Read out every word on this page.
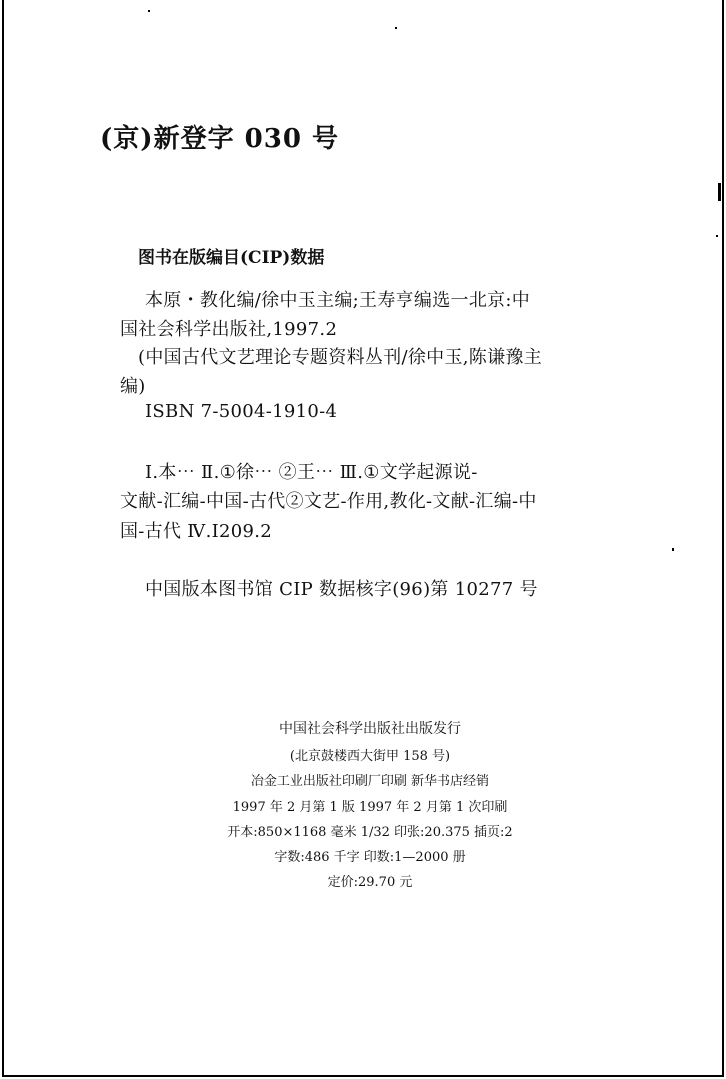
(京)新登字 030 号
图书在版编目(CIP)数据
本原・教化编/徐中玉主编;王寿亨编选一北京:中
国社会科学出版社,1997.2
(中国古代文艺理论专题资料丛刊/徐中玉,陈谦豫主
编)
ISBN 7-5004-1910-4
Ⅰ.本⋯ Ⅱ.①徐⋯ ②王⋯ Ⅲ.①文学起源说-
文献-汇编-中国-古代②文艺-作用,教化-文献-汇编-中
国-古代 Ⅳ.I209.2
中国版本图书馆 CIP 数据核字(96)第 10277 号
中国社会科学出版社出版发行
(北京鼓楼西大街甲 158 号)
冶金工业出版社印刷厂印刷 新华书店经销
1997 年 2 月第 1 版 1997 年 2 月第 1 次印刷
开本:850×1168 毫米 1/32 印张:20.375 插页:2
字数:486 千字 印数:1—2000 册
定价:29.70 元
